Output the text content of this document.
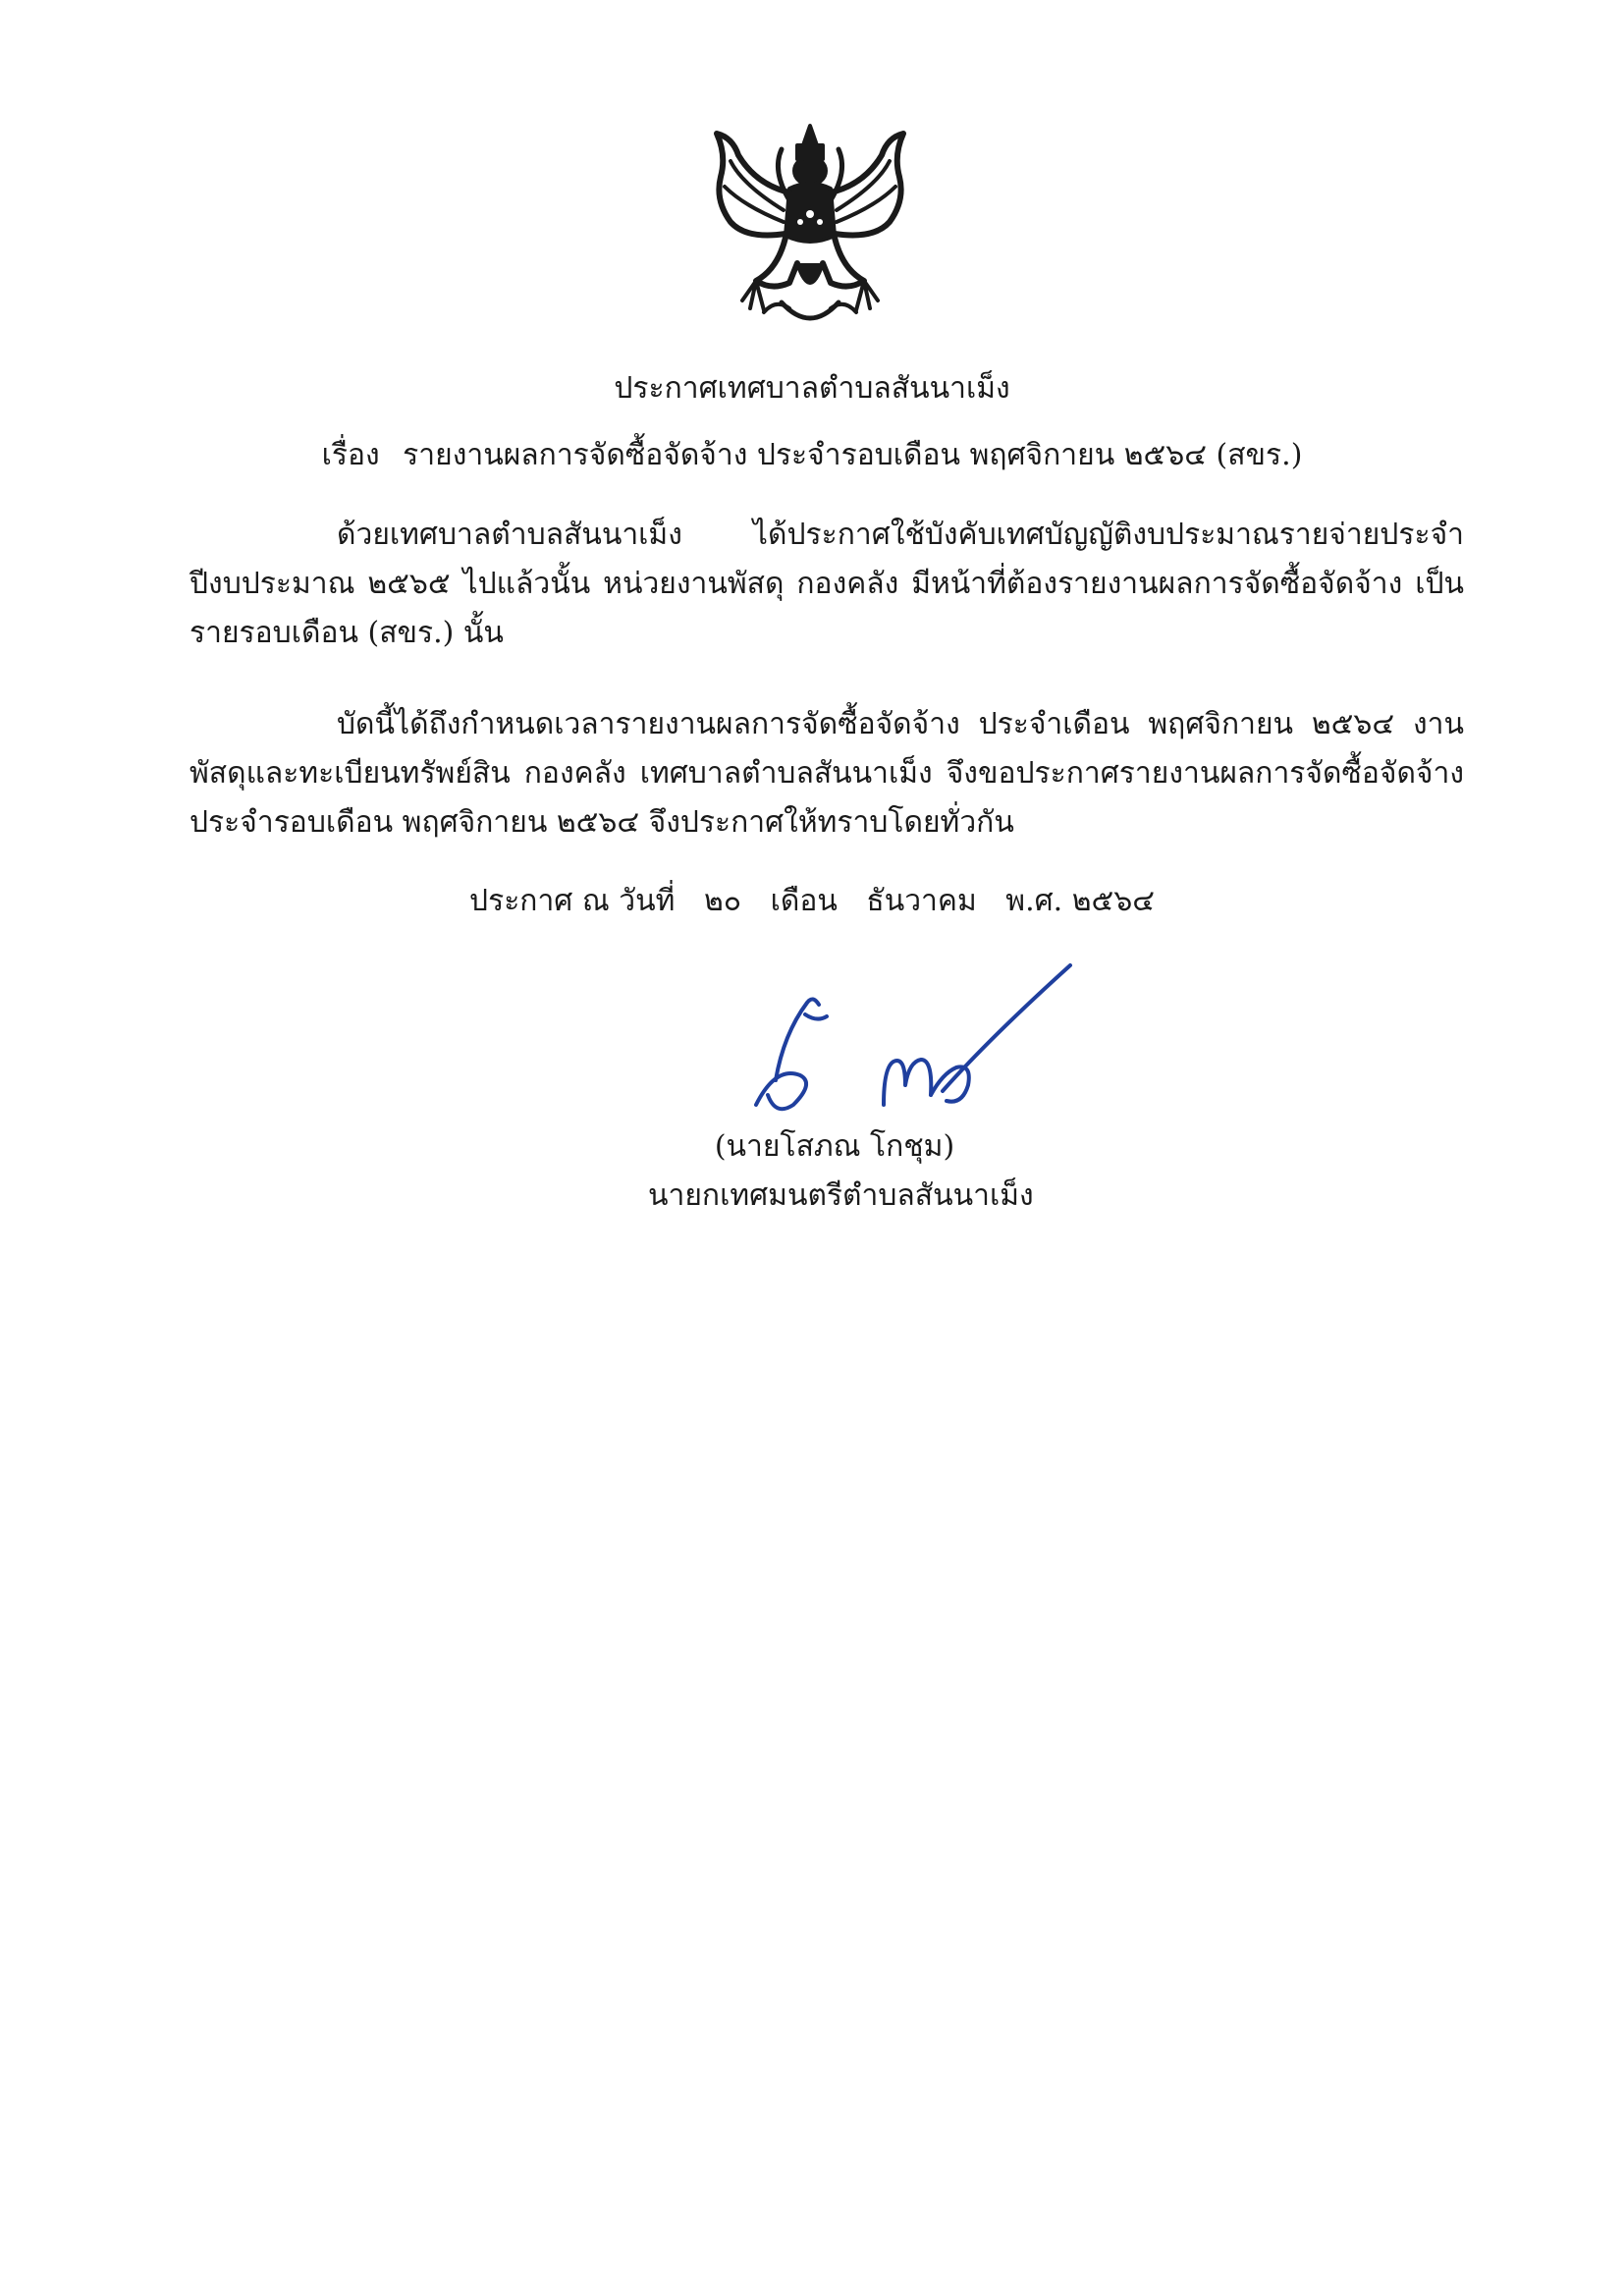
ประกาศเทศบาลตำบลสันนาเม็ง
เรื่อง รายงานผลการจัดซื้อจัดจ้าง ประจำรอบเดือน พฤศจิกายน ๒๕๖๔ (สขร.)
ด้วยเทศบาลตำบลสันนาเม็ง ได้ประกาศใช้บังคับเทศบัญญัติงบประมาณรายจ่ายประจำปีงบประมาณ ๒๕๖๕ ไปแล้วนั้น หน่วยงานพัสดุ กองคลัง มีหน้าที่ต้องรายงานผลการจัดซื้อจัดจ้าง เป็นรายรอบเดือน (สขร.) นั้น
บัดนี้ได้ถึงกำหนดเวลารายงานผลการจัดซื้อจัดจ้าง ประจำเดือน พฤศจิกายน ๒๕๖๔ งานพัสดุและทะเบียนทรัพย์สิน กองคลัง เทศบาลตำบลสันนาเม็ง จึงขอประกาศรายงานผลการจัดซื้อจัดจ้าง ประจำรอบเดือน พฤศจิกายน ๒๕๖๔ จึงประกาศให้ทราบโดยทั่วกัน
ประกาศ ณ วันที่ ๒๐ เดือน ธันวาคม พ.ศ. ๒๕๖๔
(นายโสภณ โกชุม)
นายกเทศมนตรีตำบลสันนาเม็ง
